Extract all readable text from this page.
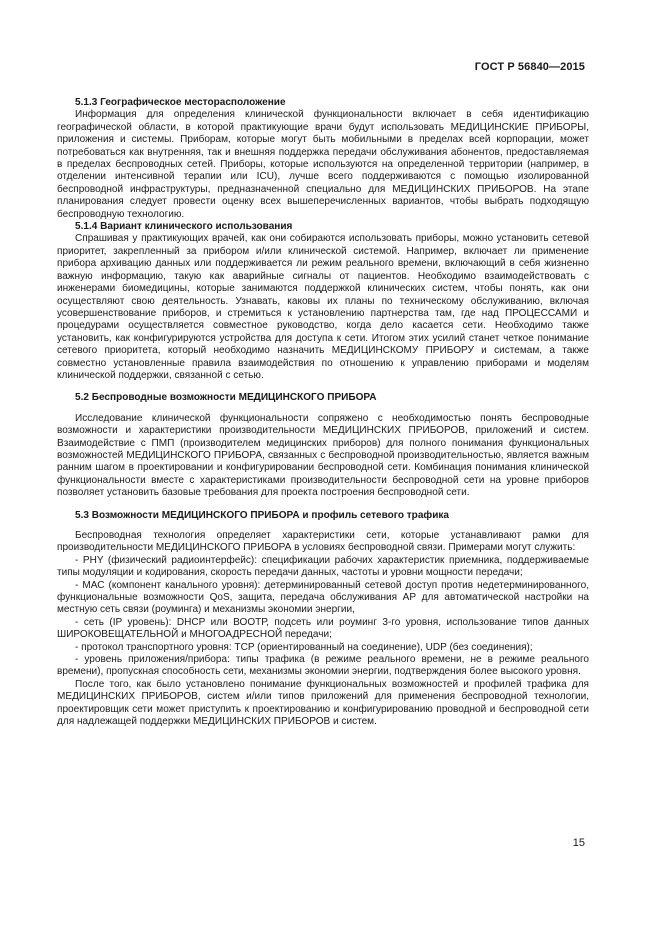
ГОСТ Р 56840—2015
5.1.3 Географическое месторасположение

Информация для определения клинической функциональности включает в себя идентификацию географической области, в которой практикующие врачи будут использовать МЕДИЦИНСКИЕ ПРИБОРЫ, приложения и системы. Приборам, которые могут быть мобильными в пределах всей корпорации, может потребоваться как внутренняя, так и внешняя поддержка передачи обслуживания абонентов, предоставляемая в пределах беспроводных сетей. Приборы, которые используются на определенной территории (например, в отделении интенсивной терапии или ICU), лучше всего поддерживаются с помощью изолированной беспроводной инфраструктуры, предназначенной специально для МЕДИЦИНСКИХ ПРИБОРОВ. На этапе планирования следует провести оценку всех вышеперечисленных вариантов, чтобы выбрать подходящую беспроводную технологию.

5.1.4 Вариант клинического использования

Спрашивая у практикующих врачей, как они собираются использовать приборы, можно установить сетевой приоритет, закрепленный за прибором и/или клинической системой. Например, включает ли применение прибора архивацию данных или поддерживается ли режим реального времени, включающий в себя жизненно важную информацию, такую как аварийные сигналы от пациентов. Необходимо взаимодействовать с инженерами биомедицины, которые занимаются поддержкой клинических систем, чтобы понять, как они осуществляют свою деятельность. Узнавать, каковы их планы по техническому обслуживанию, включая усовершенствование приборов, и стремиться к установлению партнерства там, где над ПРОЦЕССАМИ и процедурами осуществляется совместное руководство, когда дело касается сети. Необходимо также установить, как конфигурируются устройства для доступа к сети. Итогом этих усилий станет четкое понимание сетевого приоритета, который необходимо назначить МЕДИЦИНСКОМУ ПРИБОРУ и системам, а также совместно установленные правила взаимодействия по отношению к управлению приборами и моделям клинической поддержки, связанной с сетью.

5.2 Беспроводные возможности МЕДИЦИНСКОГО ПРИБОРА

Исследование клинической функциональности сопряжено с необходимостью понять беспроводные возможности и характеристики производительности МЕДИЦИНСКИХ ПРИБОРОВ, приложений и систем. Взаимодействие с ПМП (производителем медицинских приборов) для полного понимания функциональных возможностей МЕДИЦИНСКОГО ПРИБОРА, связанных с беспроводной производительностью, является важным ранним шагом в проектировании и конфигурировании беспроводной сети. Комбинация понимания клинической функциональности вместе с характеристиками производительности беспроводной сети на уровне приборов позволяет установить базовые требования для проекта построения беспроводной сети.

5.3 Возможности МЕДИЦИНСКОГО ПРИБОРА и профиль сетевого трафика

Беспроводная технология определяет характеристики сети, которые устанавливают рамки для производительности МЕДИЦИНСКОГО ПРИБОРА в условиях беспроводной связи. Примерами могут служить:

- PHY (физический радиоинтерфейс): спецификации рабочих характеристик приемника, поддерживаемые типы модуляции и кодирования, скорость передачи данных, частоты и уровни мощности передачи;

- МАС (компонент канального уровня): детерминированный сетевой доступ против недетерминированного, функциональные возможности QoS, защита, передача обслуживания АР для автоматической настройки на местную сеть связи (роуминга) и механизмы экономии энергии,

- сеть (IP уровень): DHCP или ВООТР, подсеть или роуминг 3-го уровня, использование типов данных ШИРОКОВЕЩАТЕЛЬНОЙ и МНОГОАДРЕСНОЙ передачи;

- протокол транспортного уровня: TCP (ориентированный на соединение), UDP (без соединения);

- уровень приложения/прибора: типы трафика (в режиме реального времени, не в режиме реального времени), пропускная способность сети, механизмы экономии энергии, подтверждения более высокого уровня.

После того, как было установлено понимание функциональных возможностей и профилей трафика для МЕДИЦИНСКИХ ПРИБОРОВ, систем и/или типов приложений для применения беспроводной технологии, проектировщик сети может приступить к проектированию и конфигурированию проводной и беспроводной сети для надлежащей поддержки МЕДИЦИНСКИХ ПРИБОРОВ и систем.

15
